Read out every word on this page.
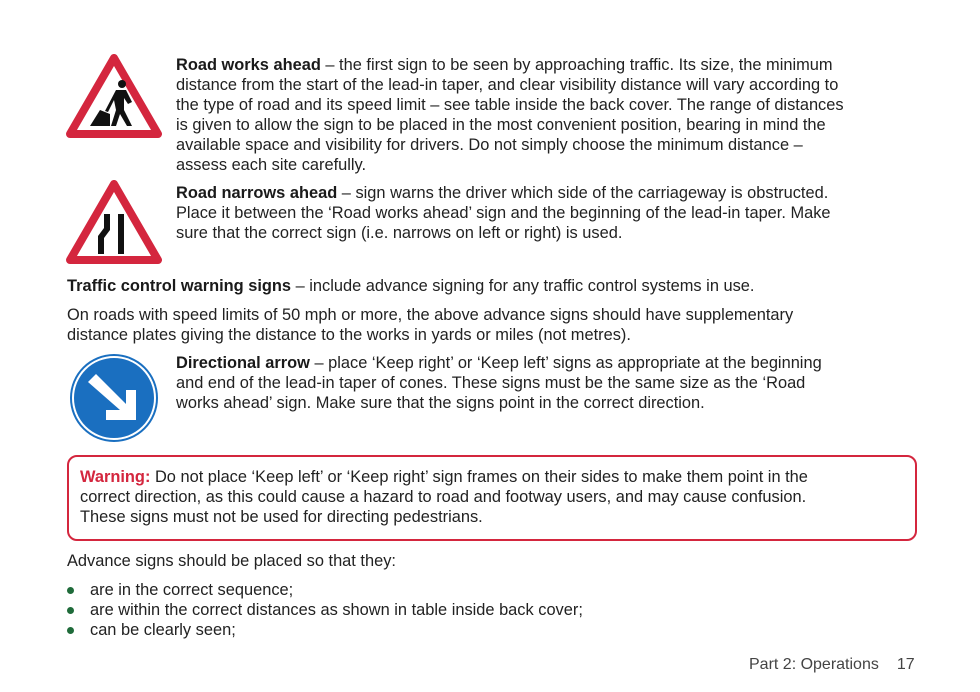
Road works ahead – the first sign to be seen by approaching traffic. Its size, the minimum
distance from the start of the lead-in taper, and clear visibility distance will vary according to
the type of road and its speed limit – see table inside the back cover. The range of distances
is given to allow the sign to be placed in the most convenient position, bearing in mind the
available space and visibility for drivers. Do not simply choose the minimum distance –
assess each site carefully.
Road narrows ahead – sign warns the driver which side of the carriageway is obstructed.
Place it between the ‘Road works ahead’ sign and the beginning of the lead-in taper. Make
sure that the correct sign (i.e. narrows on left or right) is used.
Traffic control warning signs – include advance signing for any traffic control systems in use.
On roads with speed limits of 50 mph or more, the above advance signs should have supplementary
distance plates giving the distance to the works in yards or miles (not metres).
Directional arrow – place ‘Keep right’ or ‘Keep left’ signs as appropriate at the beginning
and end of the lead-in taper of cones. These signs must be the same size as the ‘Road
works ahead’ sign. Make sure that the signs point in the correct direction.
Warning: Do not place ‘Keep left’ or ‘Keep right’ sign frames on their sides to make them point in the
correct direction, as this could cause a hazard to road and footway users, and may cause confusion.
These signs must not be used for directing pedestrians.
Advance signs should be placed so that they:
are in the correct sequence;
are within the correct distances as shown in table inside back cover;
can be clearly seen;
Part 2: Operations 17
